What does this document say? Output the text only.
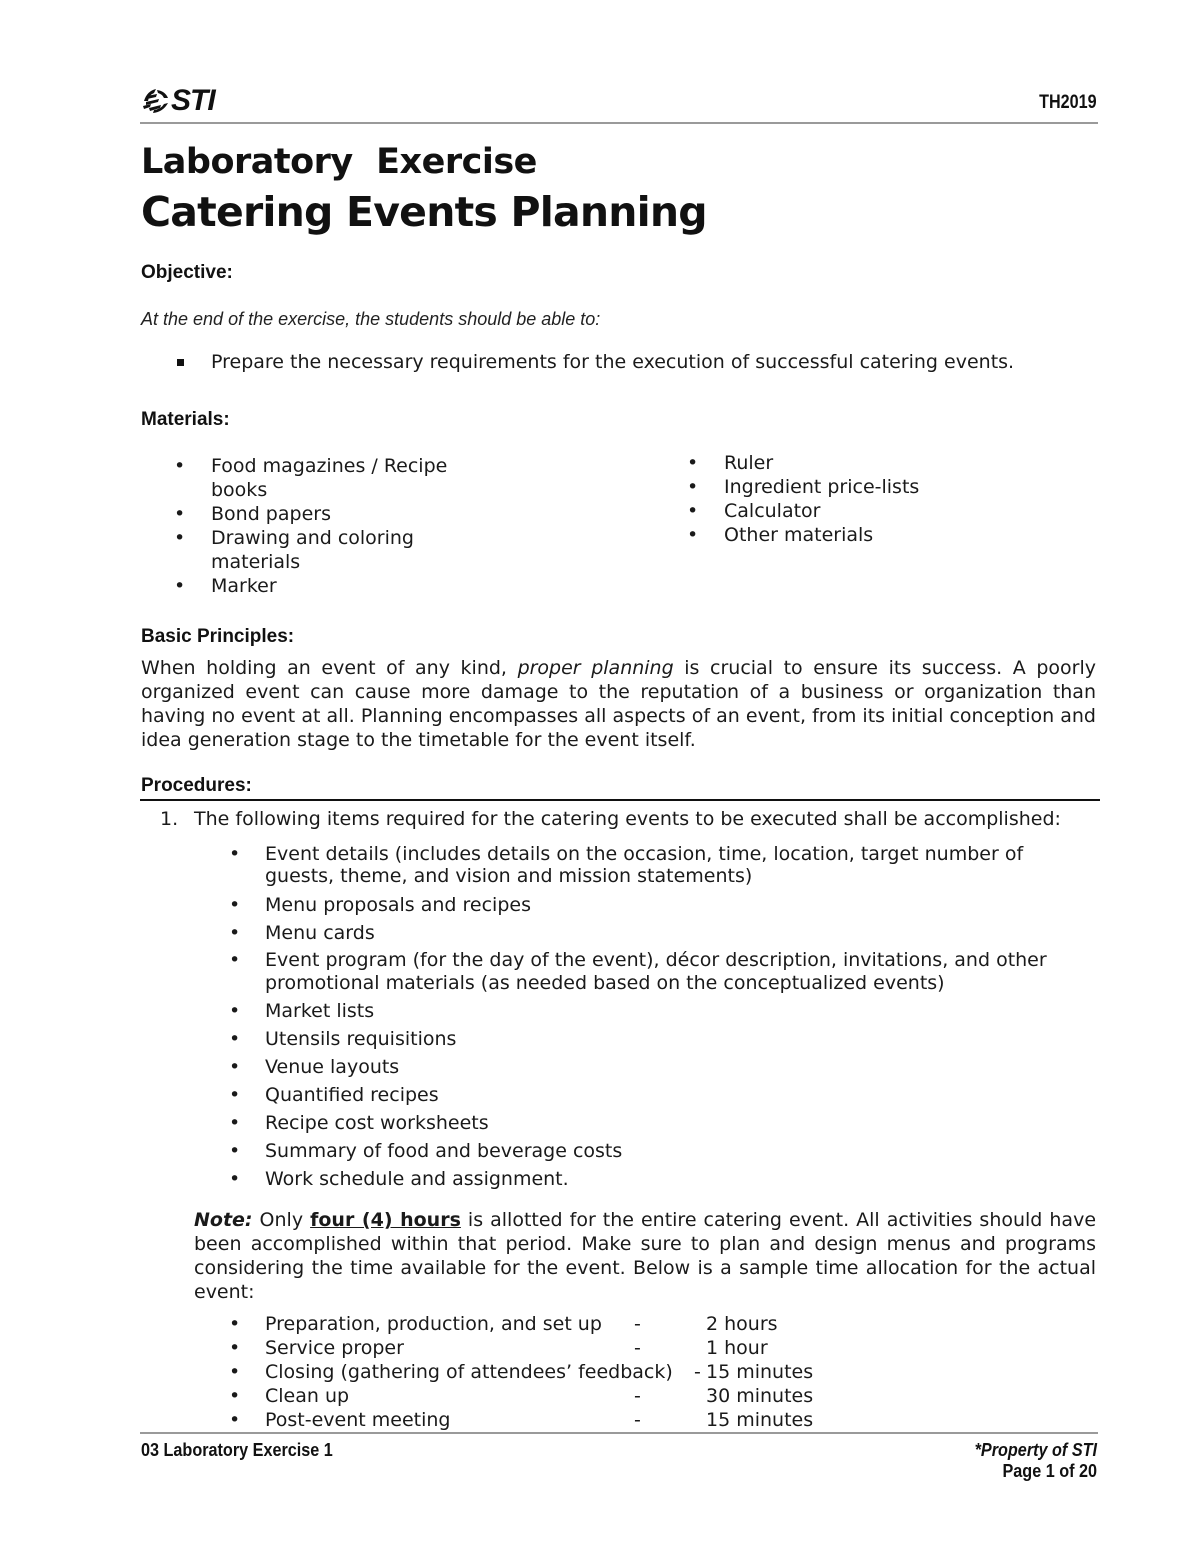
STI	TH2019
Laboratory  Exercise
Catering Events Planning
Objective:
At the end of the exercise, the students should be able to:
Prepare the necessary requirements for the execution of successful catering events.
Materials:
• Food magazines / Recipe books
• Bond papers
• Drawing and coloring materials
• Marker
• Ruler
• Ingredient price-lists
• Calculator
• Other materials
Basic Principles:
When holding an event of any kind, proper planning is crucial to ensure its success. A poorly organized event can cause more damage to the reputation of a business or organization than having no event at all. Planning encompasses all aspects of an event, from its initial conception and idea generation stage to the timetable for the event itself.
Procedures:
1. The following items required for the catering events to be executed shall be accomplished:
• Event details (includes details on the occasion, time, location, target number of guests, theme, and vision and mission statements)
• Menu proposals and recipes
• Menu cards
• Event program (for the day of the event), décor description, invitations, and other promotional materials (as needed based on the conceptualized events)
• Market lists
• Utensils requisitions
• Venue layouts
• Quantified recipes
• Recipe cost worksheets
• Summary of food and beverage costs
• Work schedule and assignment.
Note: Only four (4) hours is allotted for the entire catering event. All activities should have been accomplished within that period. Make sure to plan and design menus and programs considering the time available for the event. Below is a sample time allocation for the actual event:
• Preparation, production, and set up -	2 hours
• Service proper	-	1 hour
• Closing (gathering of attendees’ feedback) - 15 minutes
• Clean up	-	30 minutes
• Post-event meeting	-	15 minutes
03 Laboratory Exercise 1	*Property of STI
Page 1 of 20
